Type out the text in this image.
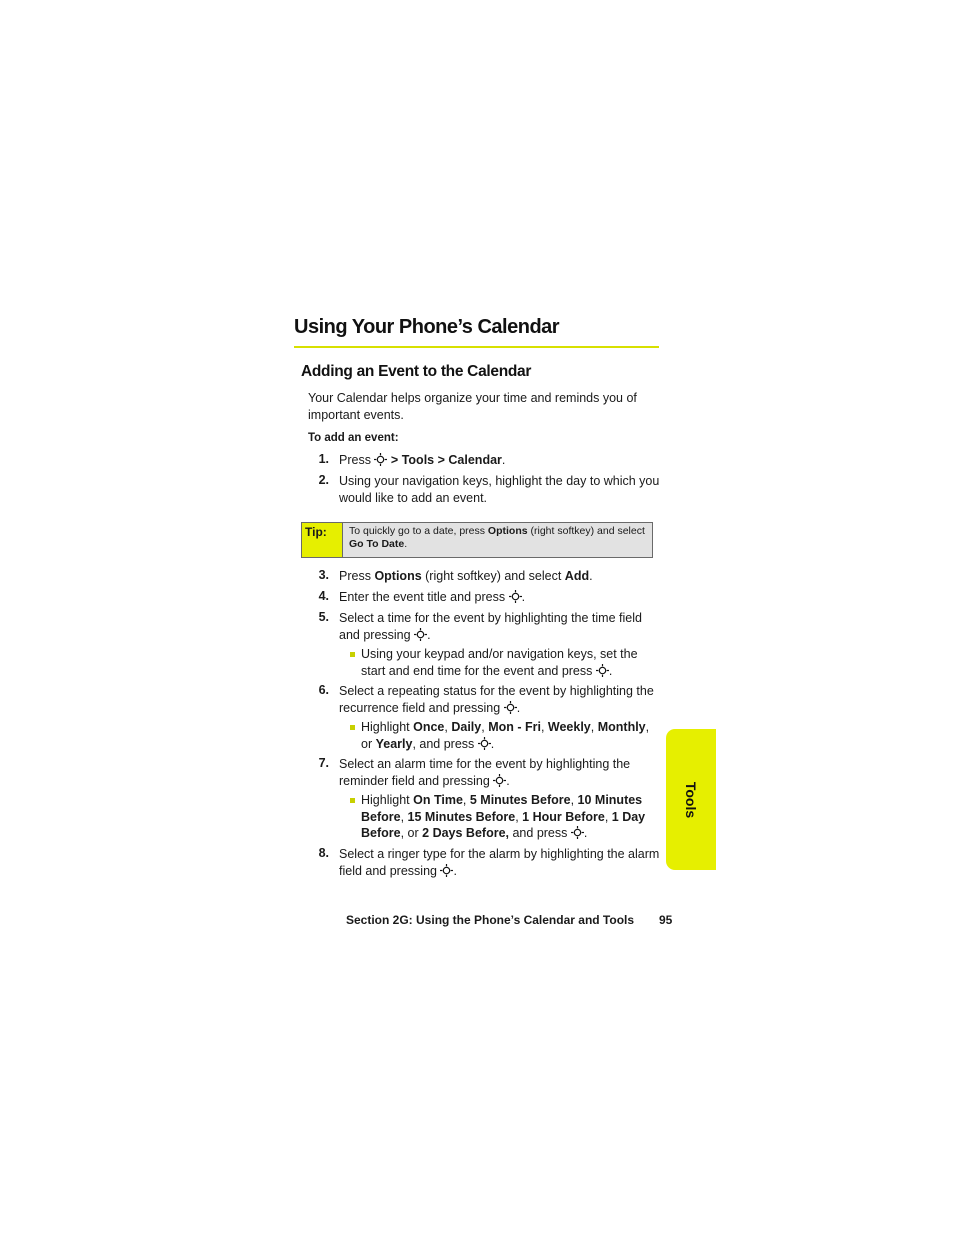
Using Your Phone’s Calendar
Adding an Event to the Calendar
Your Calendar helps organize your time and reminds you of important events.
To add an event:
1. Press > Tools > Calendar.
2. Using your navigation keys, highlight the day to which you would like to add an event.
Tip:	To quickly go to a date, press Options (right softkey) and select
Go To Date.
3. Press Options (right softkey) and select Add.
4. Enter the event title and press .
5. Select a time for the event by highlighting the time field and pressing .
Using your keypad and/or navigation keys, set the start and end time for the event and press .
6. Select a repeating status for the event by highlighting the recurrence field and pressing .
Highlight Once, Daily, Mon - Fri, Weekly, Monthly, or Yearly, and press .
7. Select an alarm time for the event by highlighting the reminder field and pressing .
Highlight On Time, 5 Minutes Before, 10 Minutes Before, 15 Minutes Before, 1 Hour Before, 1 Day Before, or 2 Days Before, and press .
8. Select a ringer type for the alarm by highlighting the alarm field and pressing .
Tools
Section 2G: Using the Phone’s Calendar and Tools 95
